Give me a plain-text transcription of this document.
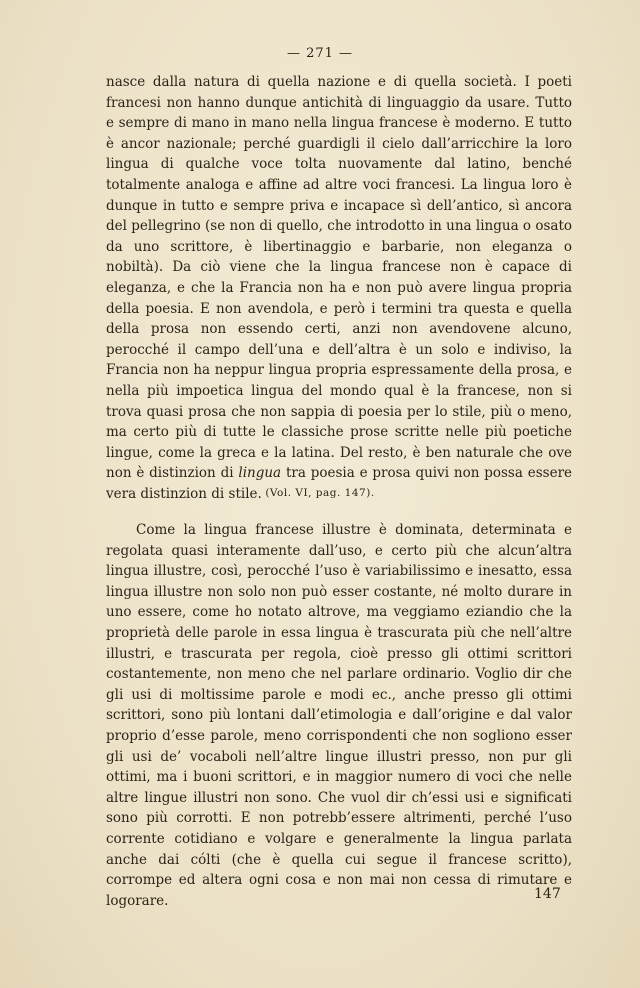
— 271 —

nasce dalla natura di quella nazione e di quella società. I poeti francesi non hanno dunque antichità di linguaggio da usare. Tutto e sempre di mano in mano nella lingua francese è moderno. E tutto è ancor nazionale; perché guardigli il cielo dall’arricchire la loro lingua di qualche voce tolta nuovamente dal latino, benché totalmente analoga e affine ad altre voci francesi. La lingua loro è dunque in tutto e sempre priva e incapace sì dell’antico, sì ancora del pellegrino (se non di quello, che introdotto in una lingua o osato da uno scrittore, è libertinaggio e barbarie, non eleganza o nobiltà). Da ciò viene che la lingua francese non è capace di eleganza, e che la Francia non ha e non può avere lingua propria della poesia. E non avendola, e però i termini tra questa e quella della prosa non essendo certi, anzi non avendovene alcuno, perocché il campo dell’una e dell’altra è un solo e indiviso, la Francia non ha neppur lingua propria espressamente della prosa, e nella più impoetica lingua del mondo qual è la francese, non si trova quasi prosa che non sappia di poesia per lo stile, più o meno, ma certo più di tutte le classiche prose scritte nelle più poetiche lingue, come la greca e la latina. Del resto, è ben naturale che ove non è distinzion di lingua tra poesia e prosa quivi non possa essere vera distinzion di stile. (Vol. VI, pag. 147).

Come la lingua francese illustre è dominata, determinata e regolata quasi interamente dall’uso, e certo più che alcun’altra lingua illustre, così, perocché l’uso è variabilissimo e inesatto, essa lingua illustre non solo non può esser costante, né molto durare in uno essere, come ho notato altrove, ma veggiamo eziandio che la proprietà delle parole in essa lingua è trascurata più che nell’altre illustri, e trascurata per regola, cioè presso gli ottimi scrittori costantemente, non meno che nel parlare ordinario. Voglio dir che gli usi di moltissime parole e modi ec., anche presso gli ottimi scrittori, sono più lontani dall’etimologia e dall’origine e dal valor proprio d’esse parole, meno corrispondenti che non sogliono esser gli usi de’ vocaboli nell’altre lingue illustri presso, non pur gli ottimi, ma i buoni scrittori, e in maggior numero di voci che nelle altre lingue illustri non sono. Che vuol dir ch’essi usi e significati sono più corrotti. E non potrebb’essere altrimenti, perché l’uso corrente cotidiano e volgare e generalmente la lingua parlata anche dai cólti (che è quella cui segue il francese scritto), corrompe ed altera ogni cosa e non mai non cessa di rimutare e logorare.	147
